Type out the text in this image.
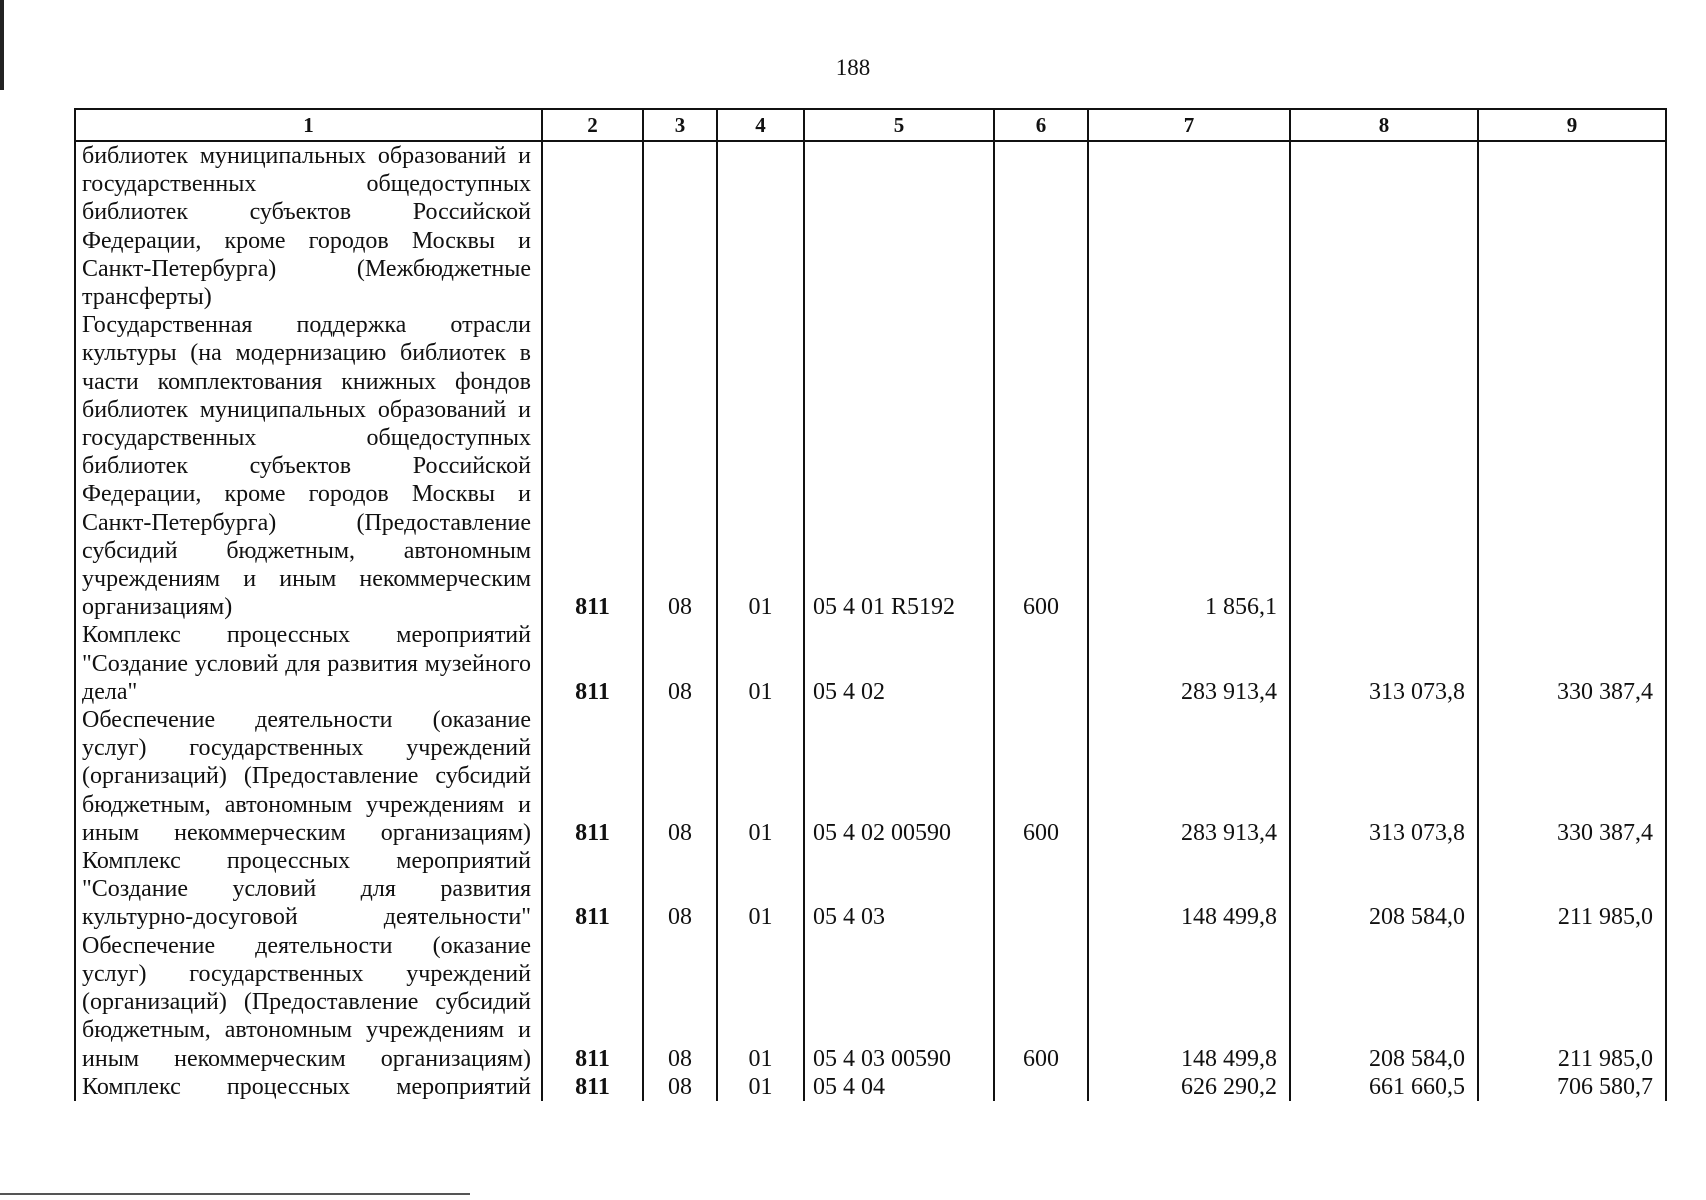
188
1	2	3	4	5	6	7	8	9
библиотек муниципальных образований и государственных общедоступных библиотек субъектов Российской Федерации, кроме городов Москвы и Санкт-Петербурга) (Межбюджетные трансферты)								
Государственная поддержка отрасли культуры (на модернизацию библиотек в части комплектования книжных фондов библиотек муниципальных образований и государственных общедоступных библиотек субъектов Российской Федерации, кроме городов Москвы и Санкт-Петербурга) (Предоставление субсидий бюджетным, автономным учреждениям и иным некоммерческим организациям)	811	08	01	05 4 01 R5192	600	1 856,1		
Комплекс процессных мероприятий "Создание условий для развития музейного дела"	811	08	01	05 4 02		283 913,4	313 073,8	330 387,4
Обеспечение деятельности (оказание услуг) государственных учреждений (организаций) (Предоставление субсидий бюджетным, автономным учреждениям и иным некоммерческим организациям)	811	08	01	05 4 02 00590	600	283 913,4	313 073,8	330 387,4
Комплекс процессных мероприятий "Создание условий для развития культурно-досуговой деятельности"	811	08	01	05 4 03		148 499,8	208 584,0	211 985,0
Обеспечение деятельности (оказание услуг) государственных учреждений (организаций) (Предоставление субсидий бюджетным, автономным учреждениям и иным некоммерческим организациям)	811	08	01	05 4 03 00590	600	148 499,8	208 584,0	211 985,0
Комплекс процессных мероприятий	811	08	01	05 4 04		626 290,2	661 660,5	706 580,7
